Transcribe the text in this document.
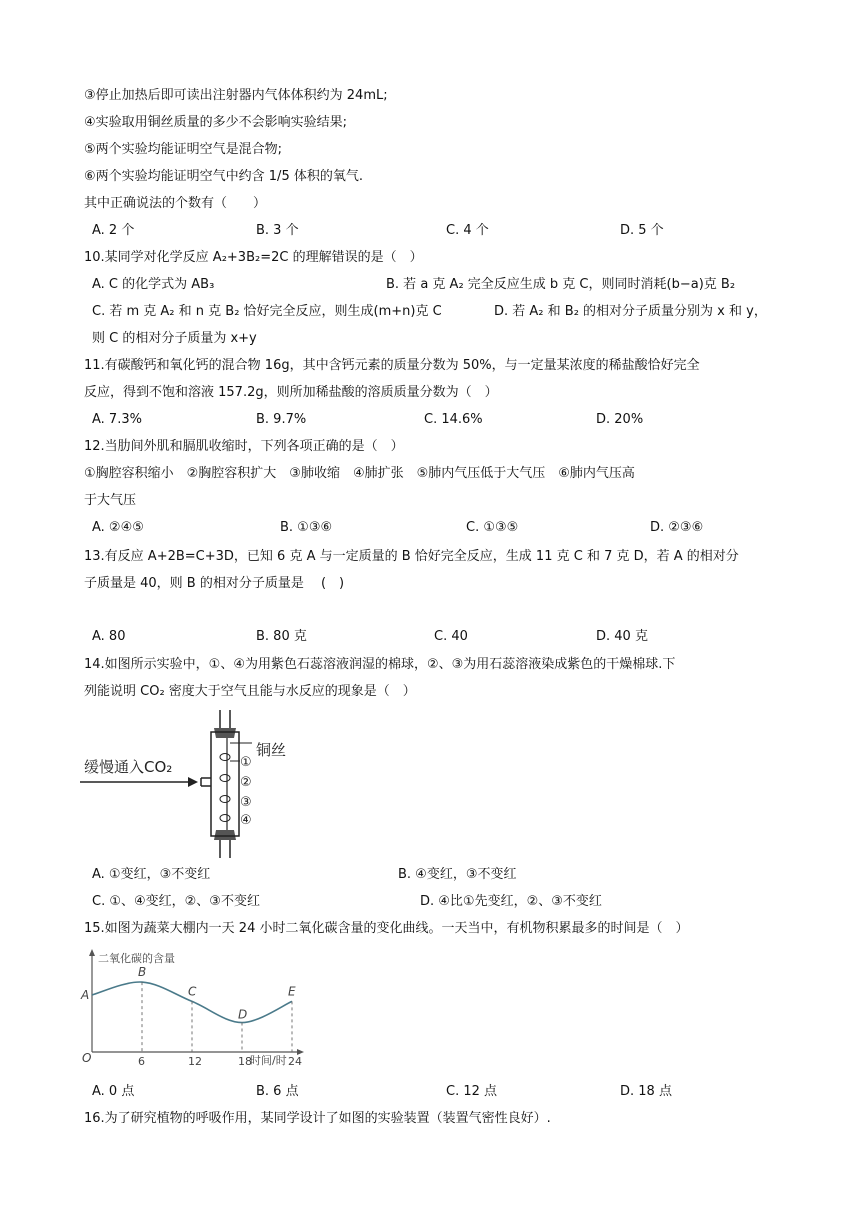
③停止加热后即可读出注射器内气体体积约为 24mL;
④实验取用铜丝质量的多少不会影响实验结果;
⑤两个实验均能证明空气是混合物;
⑥两个实验均能证明空气中约含 1/5 体积的氧气.
其中正确说法的个数有（　　）
A. 2 个	B. 3 个	C. 4 个	D. 5 个
10.某同学对化学反应 A₂+3B₂=2C 的理解错误的是（　）
A. C 的化学式为 AB₃	B. 若 a 克 A₂ 完全反应生成 b 克 C，则同时消耗(b−a)克 B₂
C. 若 m 克 A₂ 和 n 克 B₂ 恰好完全反应，则生成(m+n)克 C	D. 若 A₂ 和 B₂ 的相对分子质量分别为 x 和 y，
则 C 的相对分子质量为 x+y
11.有碳酸钙和氧化钙的混合物 16g，其中含钙元素的质量分数为 50%，与一定量某浓度的稀盐酸恰好完全
反应，得到不饱和溶液 157.2g，则所加稀盐酸的溶质质量分数为（　）
A. 7.3%	B. 9.7%	C. 14.6%	D. 20%
12.当肋间外肌和膈肌收缩时，下列各项正确的是（　）
①胸腔容积缩小　②胸腔容积扩大　③肺收缩　④肺扩张　⑤肺内气压低于大气压　⑥肺内气压高
于大气压
A. ②④⑤	B. ①③⑥	C. ①③⑤	D. ②③⑥
13.有反应 A+2B=C+3D，已知 6 克 A 与一定质量的 B 恰好完全反应，生成 11 克 C 和 7 克 D，若 A 的相对分
子质量是 40，则 B 的相对分子质量是　 (　)
A. 80	B. 80 克	C. 40	D. 40 克
14.如图所示实验中，①、④为用紫色石蕊溶液润湿的棉球，②、③为用石蕊溶液染成紫色的干燥棉球.下
列能说明 CO₂ 密度大于空气且能与水反应的现象是（　）
缓慢通入CO₂
铜丝
①
②
③
④
A. ①变红，③不变红	B. ④变红，③不变红
C. ①、④变红，②、③不变红	D. ④比①先变红，②、③不变红
15.如图为蔬菜大棚内一天 24 小时二氧化碳含量的变化曲线。一天当中，有机物积累最多的时间是（　）
二氧化碳的含量
时间/时
O	6	12	18	24
A
B
C
D
E
A. 0 点	B. 6 点	C. 12 点	D. 18 点
16.为了研究植物的呼吸作用，某同学设计了如图的实验装置（装置气密性良好）.
